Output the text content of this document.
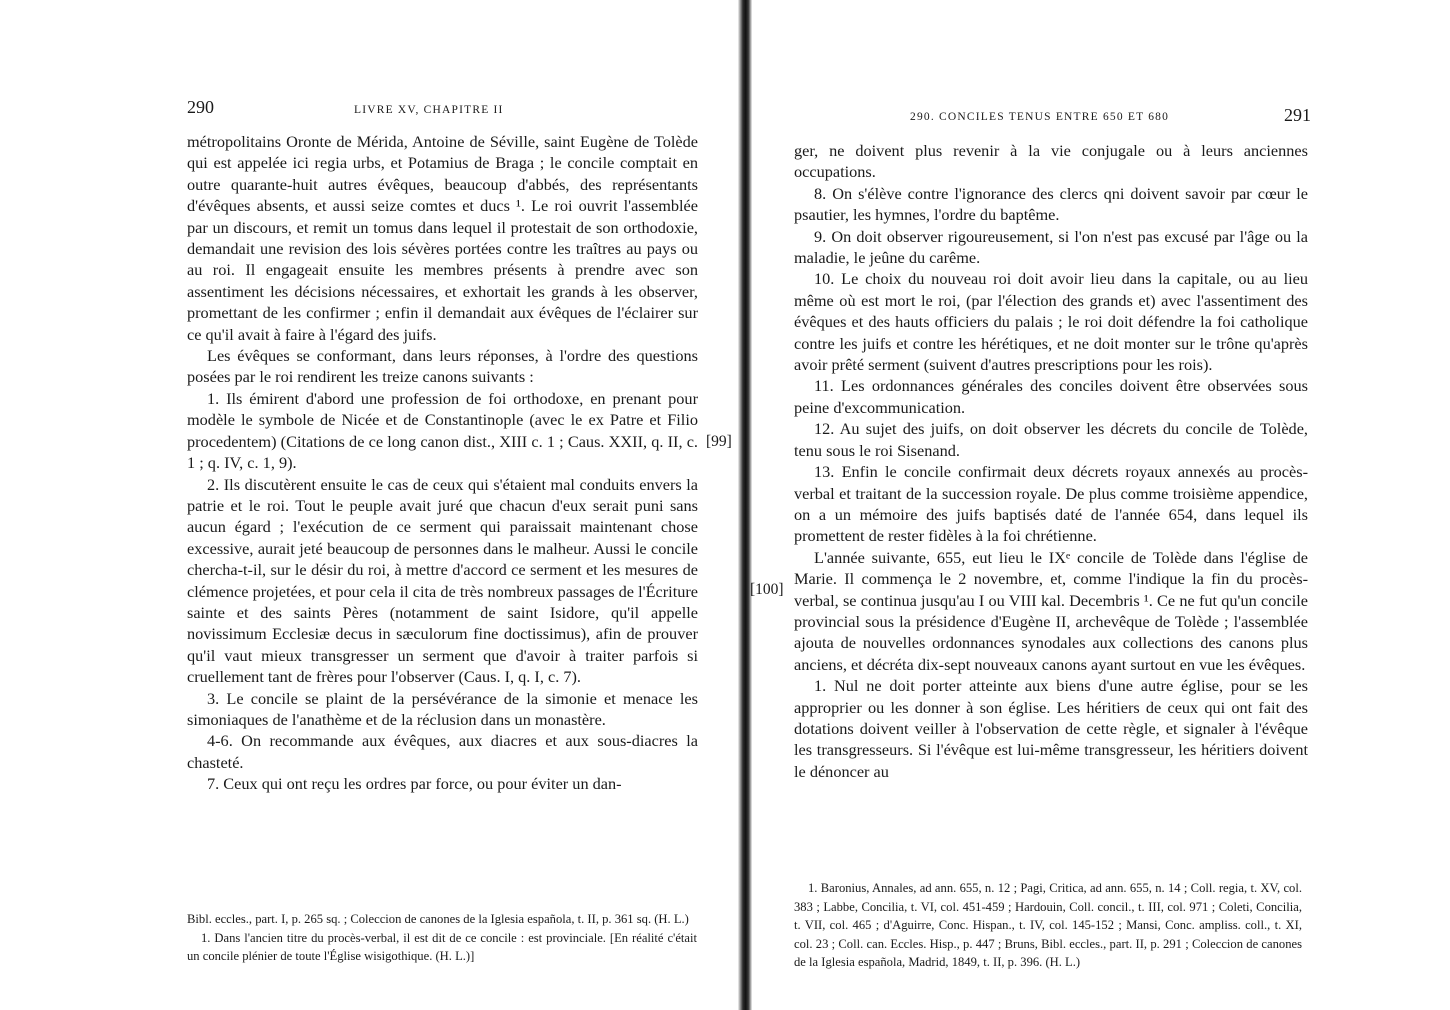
290	LIVRE XV, CHAPITRE II

métropolitains Oronte de Mérida, Antoine de Séville, saint Eugène de Tolède qui est appelée ici regia urbs, et Potamius de Braga ; le concile comptait en outre quarante-huit autres évêques, beaucoup d'abbés, des représentants d'évêques absents, et aussi seize comtes et ducs ¹. Le roi ouvrit l'assemblée par un discours, et remit un tomus dans lequel il protestait de son orthodoxie, demandait une revision des lois sévères portées contre les traîtres au pays ou au roi. Il engageait ensuite les membres présents à prendre avec son assentiment les décisions nécessaires, et exhortait les grands à les observer, promettant de les confirmer ; enfin il demandait aux évêques de l'éclairer sur ce qu'il avait à faire à l'égard des juifs.

Les évêques se conformant, dans leurs réponses, à l'ordre des questions posées par le roi rendirent les treize canons suivants :

1. Ils émirent d'abord une profession de foi orthodoxe, en prenant pour modèle le symbole de Nicée et de Constantinople (avec le ex Patre et Filio procedentem) (Citations de ce long canon dist., XIII c. 1 ; Caus. XXII, q. II, c. 1 ; q. IV, c. 1, 9).

2. Ils discutèrent ensuite le cas de ceux qui s'étaient mal conduits envers la patrie et le roi. Tout le peuple avait juré que chacun d'eux serait puni sans aucun égard ; l'exécution de ce serment qui paraissait maintenant chose excessive, aurait jeté beaucoup de personnes dans le malheur. Aussi le concile chercha-t-il, sur le désir du roi, à mettre d'accord ce serment et les mesures de clémence projetées, et pour cela il cita de très nombreux passages de l'Écriture sainte et des saints Pères (notamment de saint Isidore, qu'il appelle novissimum Ecclesiæ decus in sæculorum fine doctissimus), afin de prouver qu'il vaut mieux transgresser un serment que d'avoir à traiter parfois si cruellement tant de frères pour l'observer (Caus. I, q. I, c. 7).

3. Le concile se plaint de la persévérance de la simonie et menace les simoniaques de l'anathème et de la réclusion dans un monastère.

4-6. On recommande aux évêques, aux diacres et aux sous-diacres la chasteté.

7. Ceux qui ont reçu les ordres par force, ou pour éviter un dan-

Bibl. eccles., part. I, p. 265 sq. ; Coleccion de canones de la Iglesia española, t. II, p. 361 sq. (H. L.)

1. Dans l'ancien titre du procès-verbal, il est dit de ce concile : est provinciale. [En réalité c'était un concile plénier de toute l'Église wisigothique. (H. L.)]

[99]
290. CONCILES TENUS ENTRE 650 ET 680	291

ger, ne doivent plus revenir à la vie conjugale ou à leurs anciennes occupations.

8. On s'élève contre l'ignorance des clercs qni doivent savoir par cœur le psautier, les hymnes, l'ordre du baptême.

9. On doit observer rigoureusement, si l'on n'est pas excusé par l'âge ou la maladie, le jeûne du carême.

10. Le choix du nouveau roi doit avoir lieu dans la capitale, ou au lieu même où est mort le roi, (par l'élection des grands et) avec l'assentiment des évêques et des hauts officiers du palais ; le roi doit défendre la foi catholique contre les juifs et contre les hérétiques, et ne doit monter sur le trône qu'après avoir prêté serment (suivent d'autres prescriptions pour les rois).

11. Les ordonnances générales des conciles doivent être observées sous peine d'excommunication.

12. Au sujet des juifs, on doit observer les décrets du concile de Tolède, tenu sous le roi Sisenand.

13. Enfin le concile confirmait deux décrets royaux annexés au procès-verbal et traitant de la succession royale. De plus comme troisième appendice, on a un mémoire des juifs baptisés daté de l'année 654, dans lequel ils promettent de rester fidèles à la foi chrétienne.

L'année suivante, 655, eut lieu le IXᵉ concile de Tolède dans l'église de Marie. Il commença le 2 novembre, et, comme l'indique la fin du procès-verbal, se continua jusqu'au I ou VIII kal. Decembris ¹. Ce ne fut qu'un concile provincial sous la présidence d'Eugène II, archevêque de Tolède ; l'assemblée ajouta de nouvelles ordonnances synodales aux collections des canons plus anciens, et décréta dix-sept nouveaux canons ayant surtout en vue les évêques.

1. Nul ne doit porter atteinte aux biens d'une autre église, pour se les approprier ou les donner à son église. Les héritiers de ceux qui ont fait des dotations doivent veiller à l'observation de cette règle, et signaler à l'évêque les transgresseurs. Si l'évêque est lui-même transgresseur, les héritiers doivent le dénoncer au

1. Baronius, Annales, ad ann. 655, n. 12 ; Pagi, Critica, ad ann. 655, n. 14 ; Coll. regia, t. XV, col. 383 ; Labbe, Concilia, t. VI, col. 451-459 ; Hardouin, Coll. concil., t. III, col. 971 ; Coleti, Concilia, t. VII, col. 465 ; d'Aguirre, Conc. Hispan., t. IV, col. 145-152 ; Mansi, Conc. ampliss. coll., t. XI, col. 23 ; Coll. can. Eccles. Hisp., p. 447 ; Bruns, Bibl. eccles., part. II, p. 291 ; Coleccion de canones de la Iglesia española, Madrid, 1849, t. II, p. 396. (H. L.)

[100]
